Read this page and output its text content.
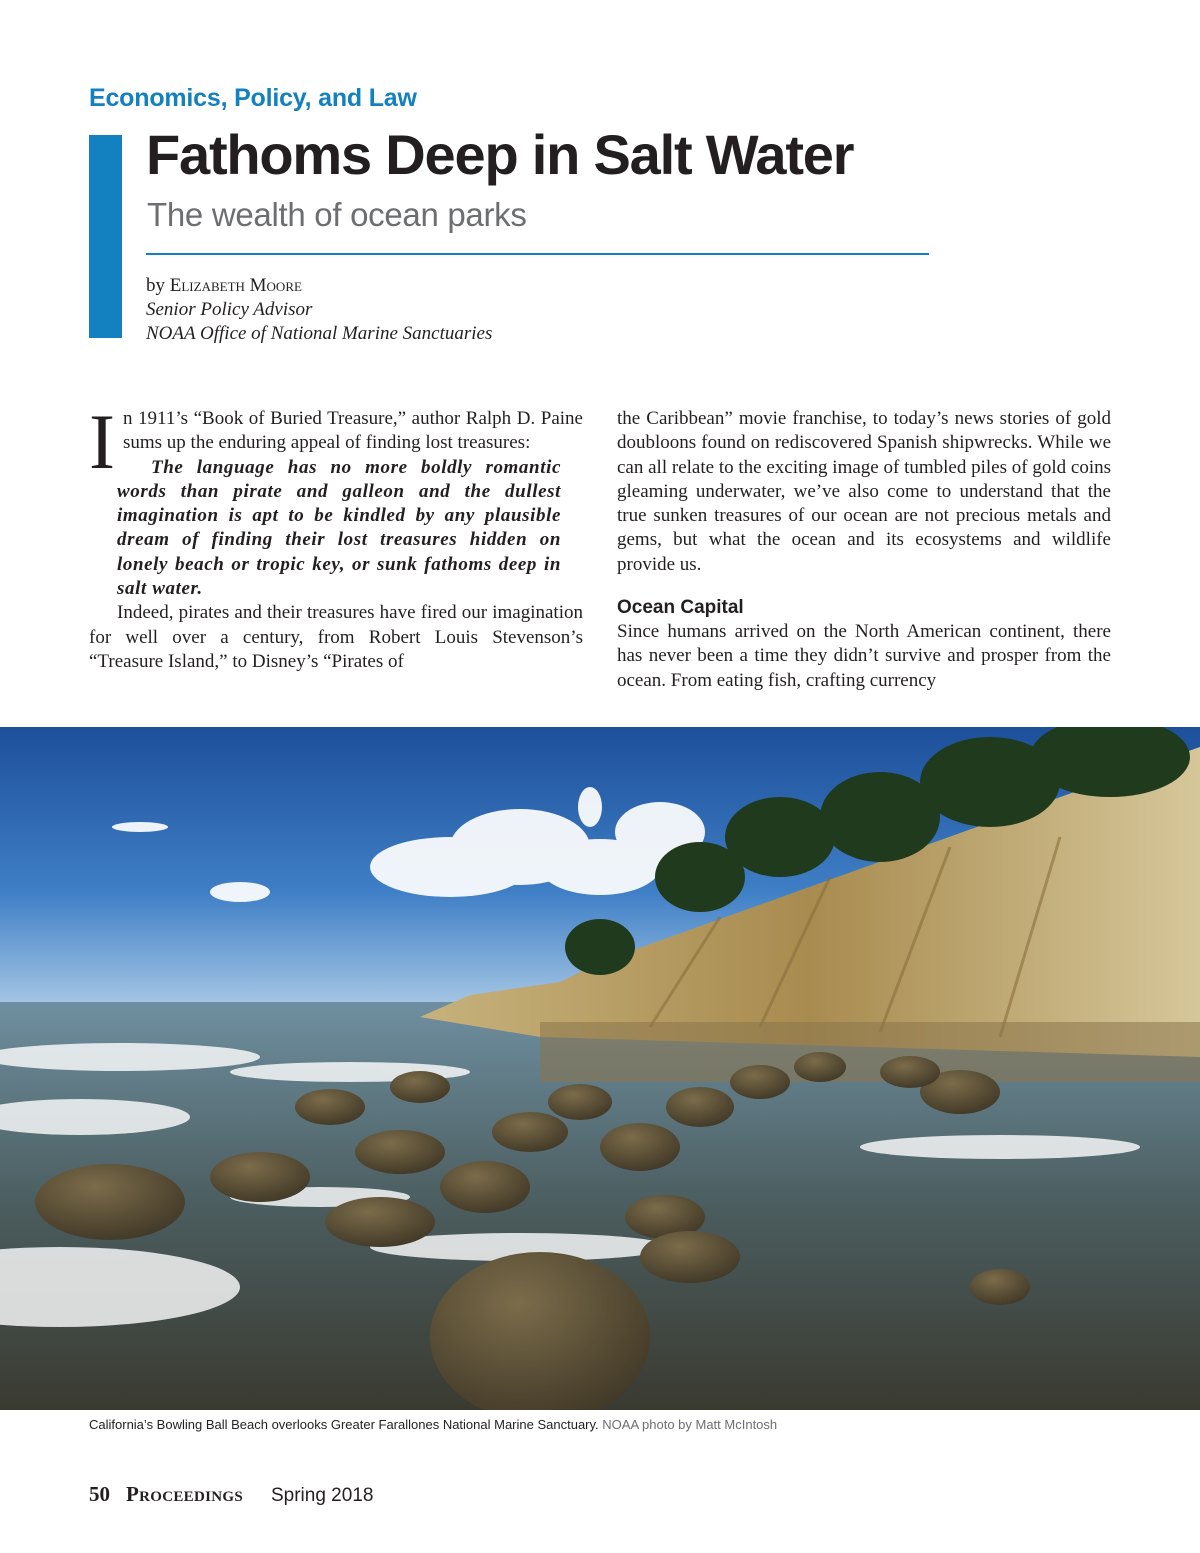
Economics, Policy, and Law
Fathoms Deep in Salt Water
The wealth of ocean parks
by Elizabeth Moore
Senior Policy Advisor
NOAA Office of National Marine Sanctuaries

In 1911’s “Book of Buried Treasure,” author Ralph D. Paine sums up the enduring appeal of finding lost treasures:

The language has no more boldly romantic words than pirate and galleon and the dullest imagination is apt to be kindled by any plausible dream of finding their lost treasures hidden on lonely beach or tropic key, or sunk fathoms deep in salt water.

Indeed, pirates and their treasures have fired our imagination for well over a century, from Robert Louis Stevenson’s “Treasure Island,” to Disney’s “Pirates of

the Caribbean” movie franchise, to today’s news stories of gold doubloons found on rediscovered Spanish shipwrecks. While we can all relate to the exciting image of tumbled piles of gold coins gleaming underwater, we’ve also come to understand that the true sunken treasures of our ocean are not precious metals and gems, but what the ocean and its ecosystems and wildlife provide us.

Ocean Capital

Since humans arrived on the North American continent, there has never been a time they didn’t survive and prosper from the ocean. From eating fish, crafting currency

California’s Bowling Ball Beach overlooks Greater Farallones National Marine Sanctuary. NOAA photo by Matt McIntosh
50 Proceedings Spring 2018
